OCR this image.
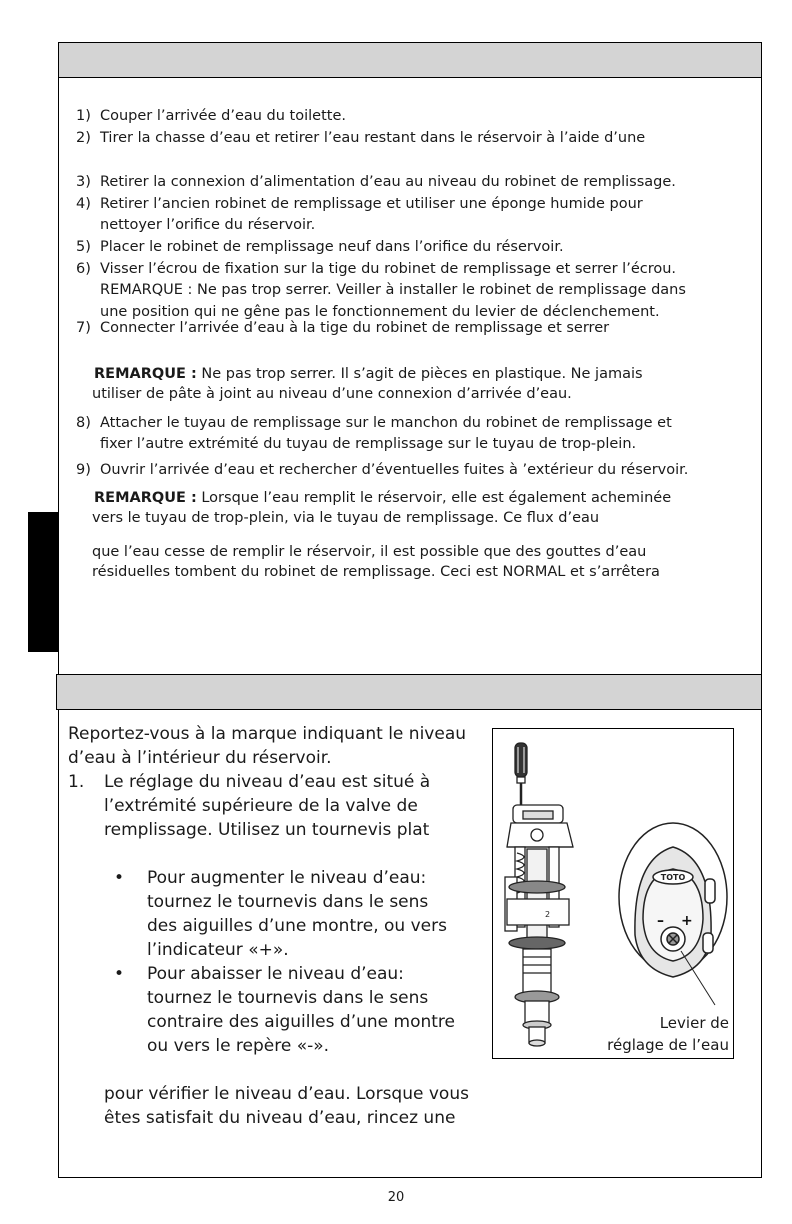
1) Couper l’arrivée d’eau du toilette.
2) Tirer la chasse d’eau et retirer l’eau restant dans le réservoir à l’aide d’une
3) Retirer la connexion d’alimentation d’eau au niveau du robinet de remplissage.
4) Retirer l’ancien robinet de remplissage et utiliser une éponge humide pour
nettoyer l’orifice du réservoir.
5) Placer le robinet de remplissage neuf dans l’orifice du réservoir.
6) Visser l’écrou de fixation sur la tige du robinet de remplissage et serrer l’écrou.
REMARQUE : Ne pas trop serrer. Veiller à installer le robinet de remplissage dans
une position qui ne gêne pas le fonctionnement du levier de déclenchement.
7) Connecter l’arrivée d’eau à la tige du robinet de remplissage et serrer
REMARQUE : Ne pas trop serrer. Il s’agit de pièces en plastique. Ne jamais
utiliser de pâte à joint au niveau d’une connexion d’arrivée d’eau.
8) Attacher le tuyau de remplissage sur le manchon du robinet de remplissage et
fixer l’autre extrémité du tuyau de remplissage sur le tuyau de trop-plein.
9) Ouvrir l’arrivée d’eau et rechercher d’éventuelles fuites à ’extérieur du réservoir.
REMARQUE : Lorsque l’eau remplit le réservoir, elle est également acheminée
vers le tuyau de trop-plein, via le tuyau de remplissage. Ce flux d’eau
que l’eau cesse de remplir le réservoir, il est possible que des gouttes d’eau
résiduelles tombent du robinet de remplissage. Ceci est NORMAL et s’arrêtera
Reportez-vous à la marque indiquant le niveau
d’eau à l’intérieur du réservoir.
1. Le réglage du niveau d’eau est situé à
l’extrémité supérieure de la valve de
remplissage. Utilisez un tournevis plat
• Pour augmenter le niveau d’eau:
tournez le tournevis dans le sens
des aiguilles d’une montre, ou vers
l’indicateur «+».
• Pour abaisser le niveau d’eau:
tournez le tournevis dans le sens
contraire des aiguilles d’une montre
ou vers le repère «-».
pour vérifier le niveau d’eau. Lorsque vous
êtes satisfait du niveau d’eau, rincez une
2
TOTO
– +
Levier de
réglage de l’eau
20
